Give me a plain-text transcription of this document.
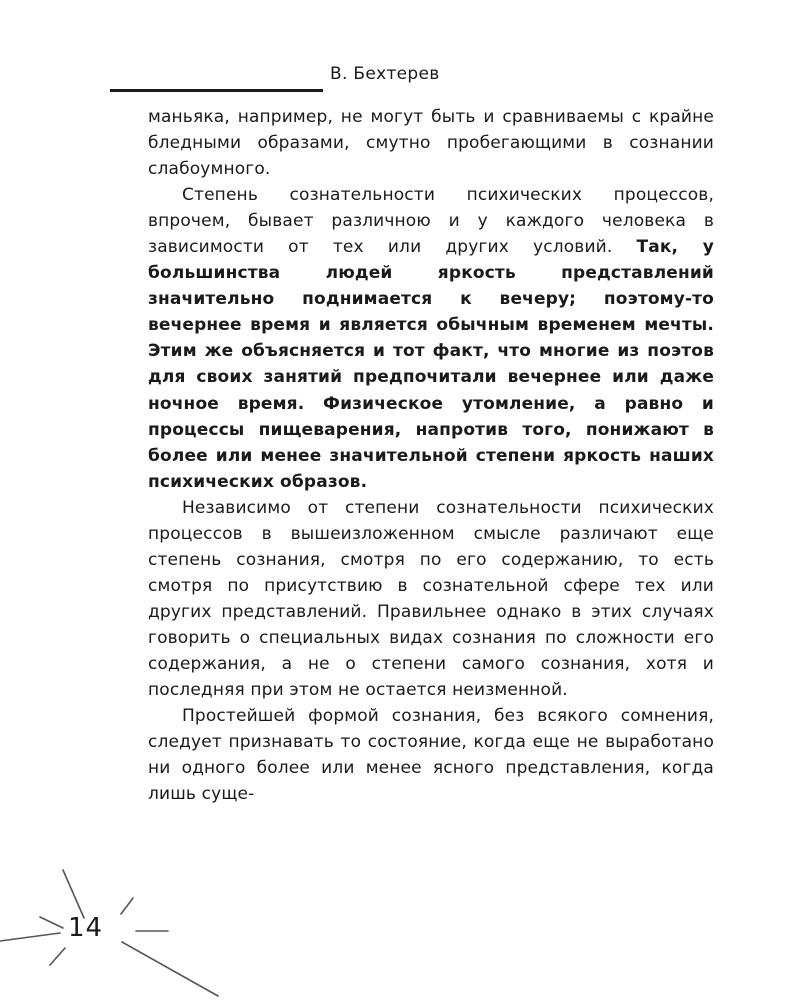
В. Бехтерев

маньяка, например, не могут быть и сравниваемы с крайне бледными образами, смутно пробегающими в сознании слабоумного.

Степень сознательности психических процессов, впрочем, бывает различною и у каждого человека в зависимости от тех или других условий. Так, у большинства людей яркость представлений значительно поднимается к вечеру; поэтому-то вечернее время и является обычным временем мечты. Этим же объясняется и тот факт, что многие из поэтов для своих занятий предпочитали вечернее или даже ночное время. Физическое утомление, а равно и процессы пищеварения, напротив того, понижают в более или менее значительной степени яркость наших психических образов.

Независимо от степени сознательности психических процессов в вышеизложенном смысле различают еще степень сознания, смотря по его содержанию, то есть смотря по присутствию в сознательной сфере тех или других представлений. Правильнее однако в этих случаях говорить о специальных видах сознания по сложности его содержания, а не о степени самого сознания, хотя и последняя при этом не остается неизменной.

Простейшей формой сознания, без всякого сомнения, следует признавать то состояние, когда еще не выработано ни одного более или менее ясного представления, когда лишь суще-

14
